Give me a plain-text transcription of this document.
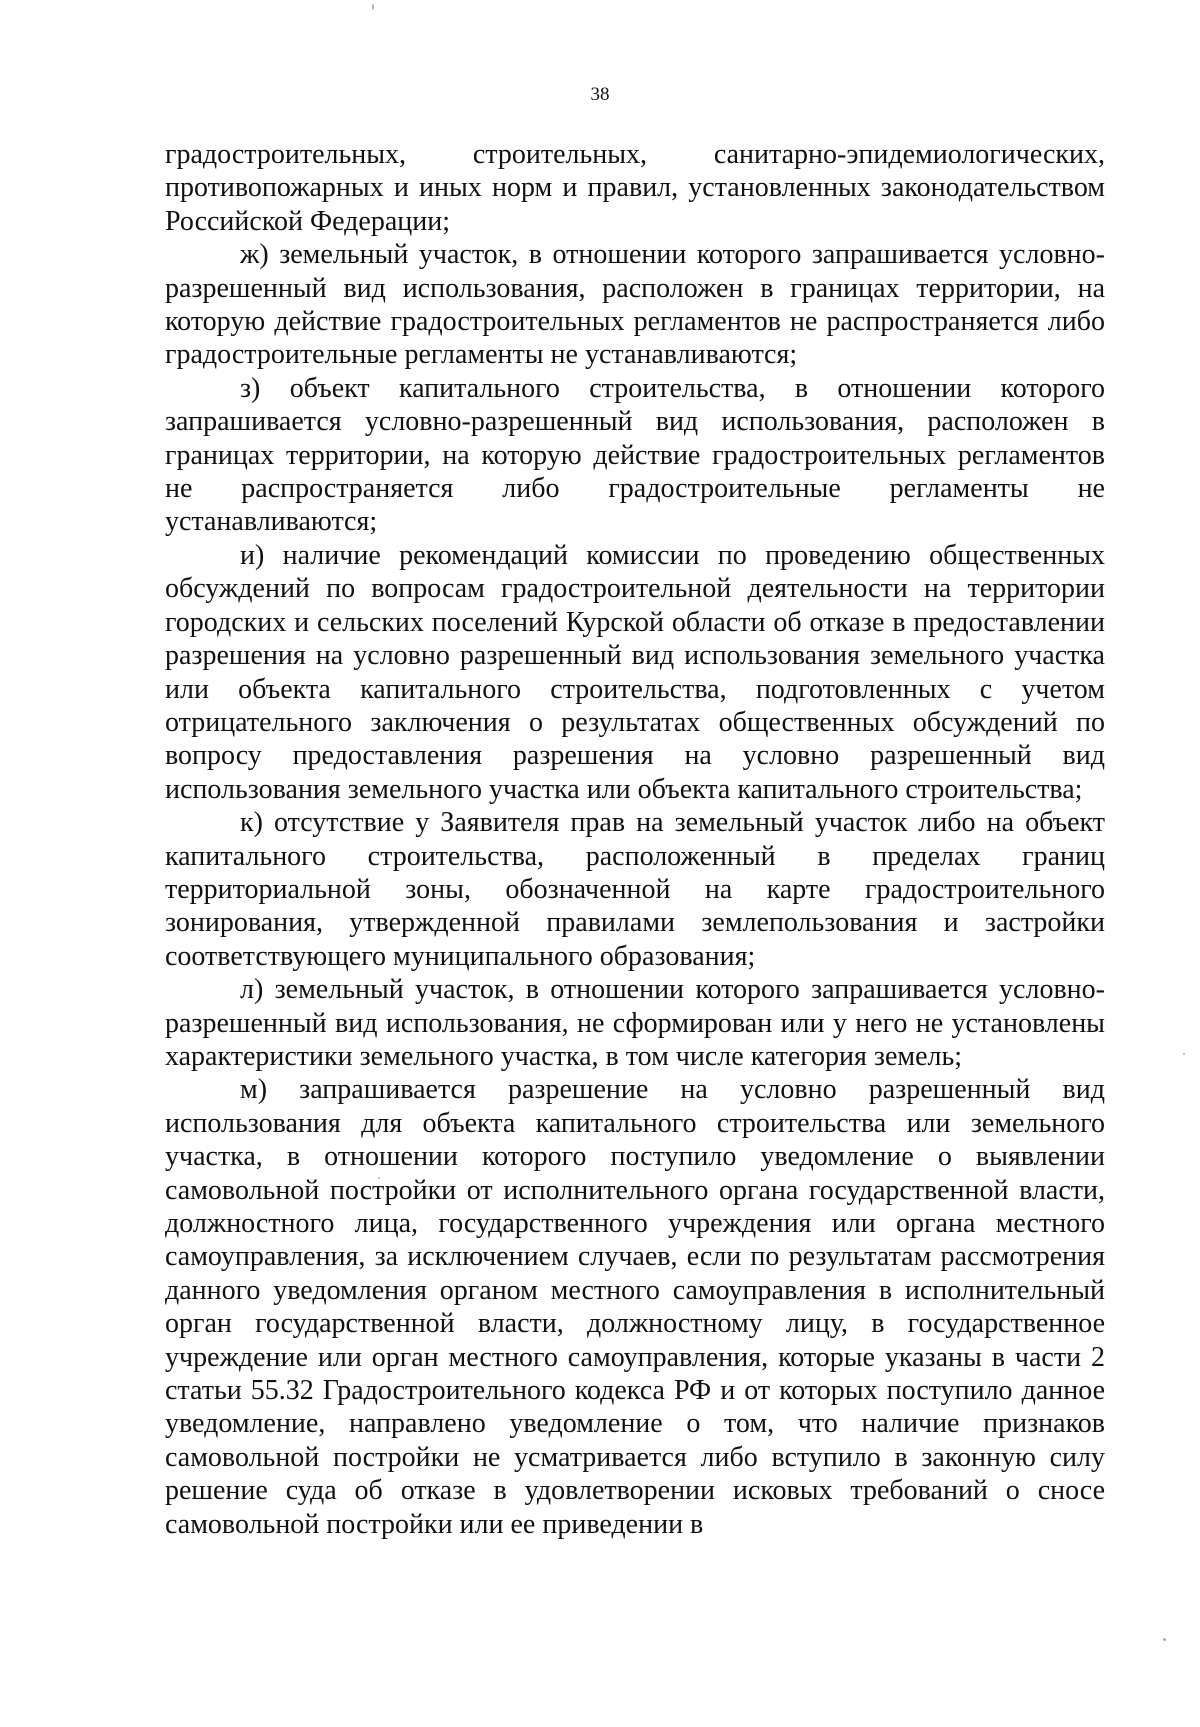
38

градостроительных, строительных, санитарно-эпидемиологических, противопожарных и иных норм и правил, установленных законодательством Российской Федерации;

ж) земельный участок, в отношении которого запрашивается условно-разрешенный вид использования, расположен в границах территории, на которую действие градостроительных регламентов не распространяется либо градостроительные регламенты не устанавливаются;

з) объект капитального строительства, в отношении которого запрашивается условно-разрешенный вид использования, расположен в границах территории, на которую действие градостроительных регламентов не распространяется либо градостроительные регламенты не устанавливаются;

и) наличие рекомендаций комиссии по проведению общественных обсуждений по вопросам градостроительной деятельности на территории городских и сельских поселений Курской области об отказе в предоставлении разрешения на условно разрешенный вид использования земельного участка или объекта капитального строительства, подготовленных с учетом отрицательного заключения о результатах общественных обсуждений по вопросу предоставления разрешения на условно разрешенный вид использования земельного участка или объекта капитального строительства;

к) отсутствие у Заявителя прав на земельный участок либо на объект капитального строительства, расположенный в пределах границ территориальной зоны, обозначенной на карте градостроительного зонирования, утвержденной правилами землепользования и застройки соответствующего муниципального образования;

л) земельный участок, в отношении которого запрашивается условно-разрешенный вид использования, не сформирован или у него не установлены характеристики земельного участка, в том числе категория земель;

м) запрашивается разрешение на условно разрешенный вид использования для объекта капитального строительства или земельного участка, в отношении которого поступило уведомление о выявлении самовольной постройки от исполнительного органа государственной власти, должностного лица, государственного учреждения или органа местного самоуправления, за исключением случаев, если по результатам рассмотрения данного уведомления органом местного самоуправления в исполнительный орган государственной власти, должностному лицу, в государственное учреждение или орган местного самоуправления, которые указаны в части 2 статьи 55.32 Градостроительного кодекса РФ и от которых поступило данное уведомление, направлено уведомление о том, что наличие признаков самовольной постройки не усматривается либо вступило в законную силу решение суда об отказе в удовлетворении исковых требований о сносе самовольной постройки или ее приведении в
